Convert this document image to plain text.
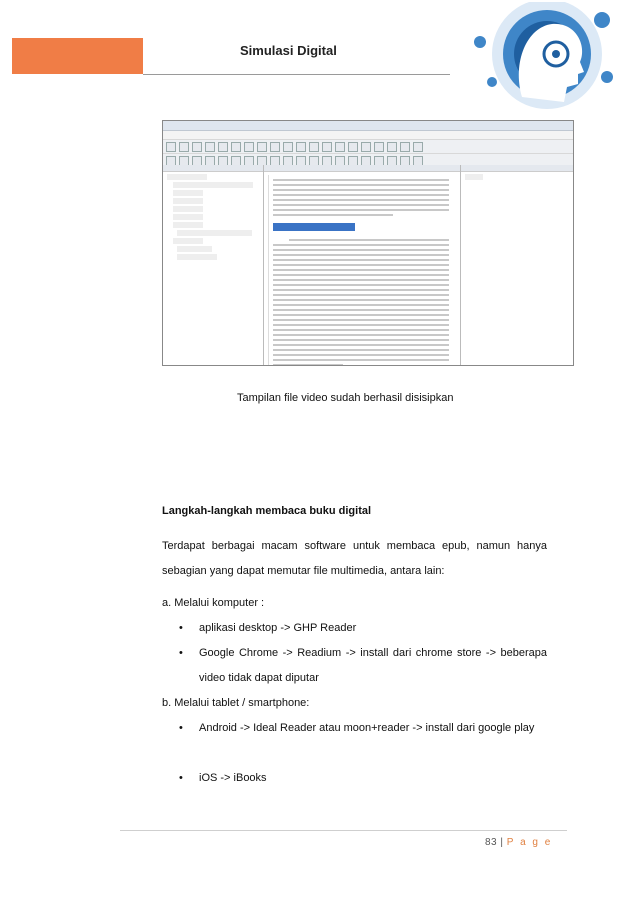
Simulasi Digital
Tampilan file video sudah berhasil disisipkan
Langkah-langkah membaca buku digital
Terdapat berbagai macam software untuk membaca epub, namun hanya sebagian yang dapat memutar file multimedia, antara lain:
a. Melalui komputer :
• aplikasi desktop -> GHP Reader
• Google Chrome -> Readium -> install dari chrome store -> beberapa video tidak dapat diputar
b. Melalui tablet / smartphone:
• Android -> Ideal Reader atau moon+reader -> install dari google play
• iOS -> iBooks
83 | P a g e
